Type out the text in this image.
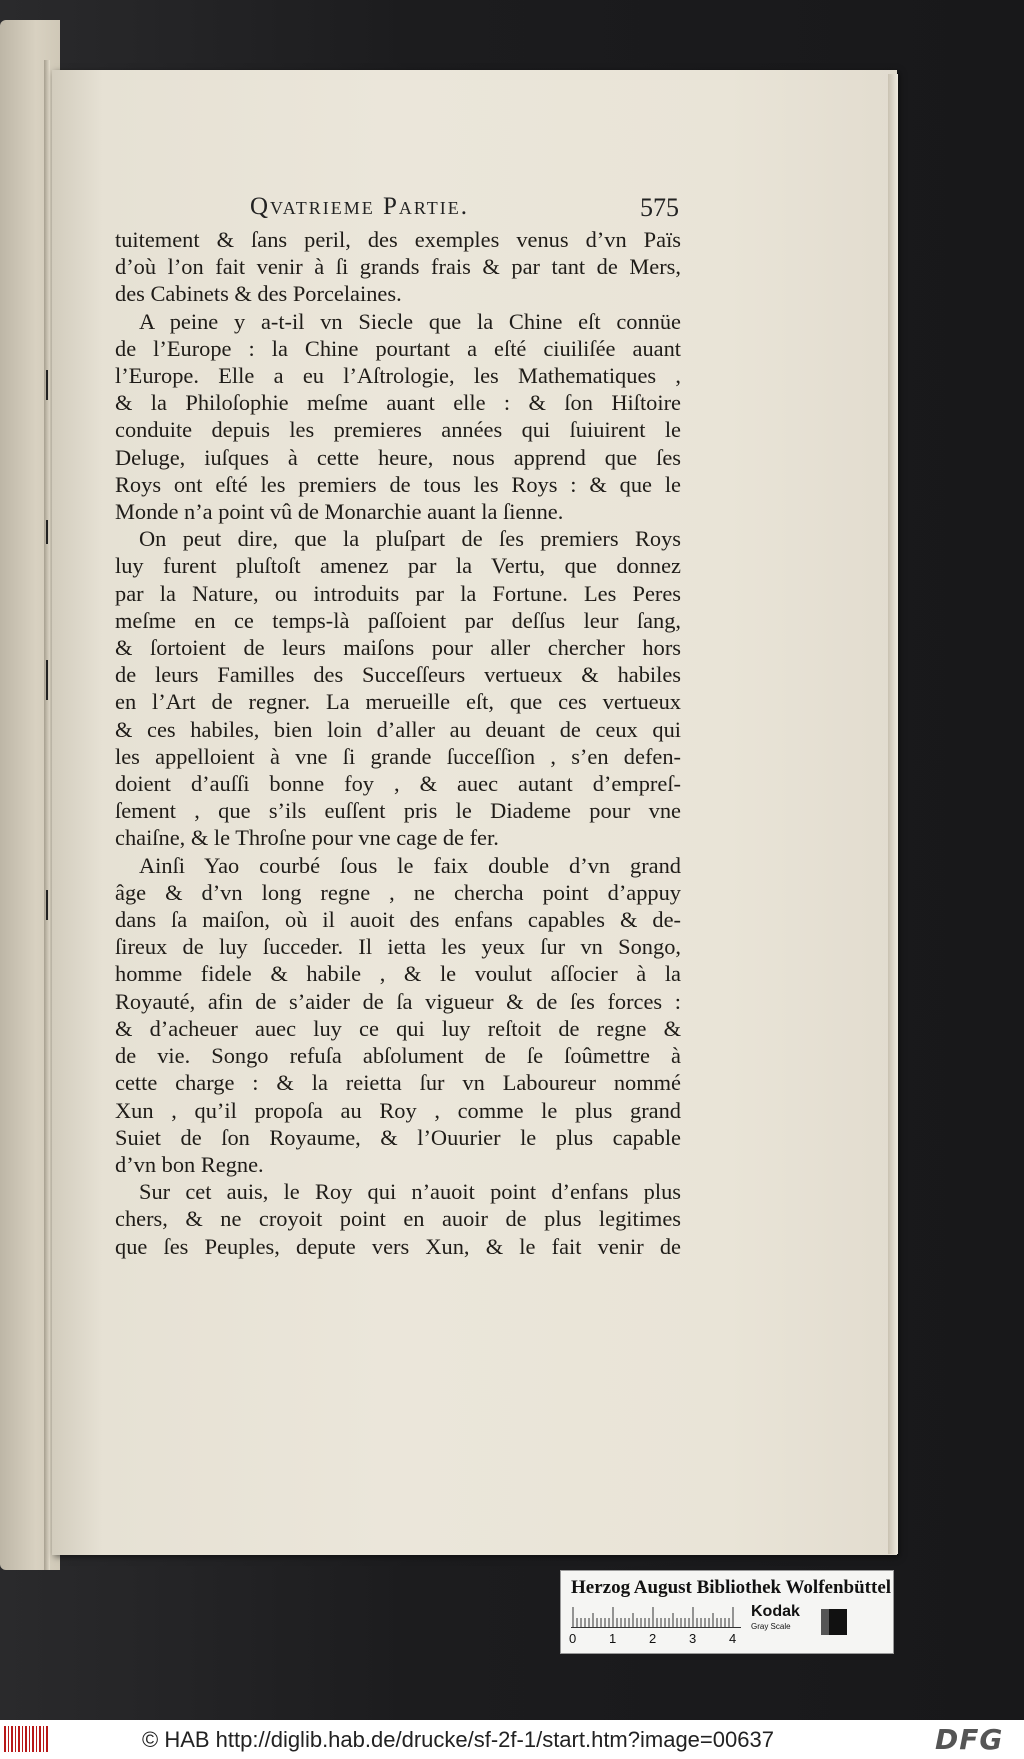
Qvatrieme Partie.	575
tuitement & ſans peril, des exemples venus d’vn Païs
d’où l’on fait venir à ſi grands frais & par tant de Mers,
des Cabinets & des Porcelaines.
A peine y a-t-il vn Siecle que la Chine eſt connüe
de l’Europe : la Chine pourtant a eſté ciuiliſée auant
l’Europe. Elle a eu l’Aſtrologie, les Mathematiques ,
& la Philoſophie meſme auant elle : & ſon Hiſtoire
conduite depuis les premieres années qui ſuiuirent le
Deluge, iuſques à cette heure, nous apprend que ſes
Roys ont eſté les premiers de tous les Roys : & que le
Monde n’a point vû de Monarchie auant la ſienne.
On peut dire, que la pluſpart de ſes premiers Roys
luy furent pluſtoſt amenez par la Vertu, que donnez
par la Nature, ou introduits par la Fortune. Les Peres
meſme en ce temps-là paſſoient par deſſus leur ſang,
& ſortoient de leurs maiſons pour aller chercher hors
de leurs Familles des Succeſſeurs vertueux & habiles
en l’Art de regner. La merueille eſt, que ces vertueux
& ces habiles, bien loin d’aller au deuant de ceux qui
les appelloient à vne ſi grande ſucceſſion , s’en defen-
doient d’auſſi bonne foy , & auec autant d’empreſ-
ſement , que s’ils euſſent pris le Diademe pour vne
chaiſne, & le Throſne pour vne cage de fer.
Ainſi Yao courbé ſous le faix double d’vn grand
âge & d’vn long regne , ne chercha point d’appuy
dans ſa maiſon, où il auoit des enfans capables & de-
ſireux de luy ſucceder. Il ietta les yeux ſur vn Songo,
homme fidele & habile , & le voulut aſſocier à la
Royauté, afin de s’aider de ſa vigueur & de ſes forces :
& d’acheuer auec luy ce qui luy reſtoit de regne &
de vie. Songo refuſa abſolument de ſe ſoûmettre à
cette charge : & la reietta ſur vn Laboureur nommé
Xun , qu’il propoſa au Roy , comme le plus grand
Suiet de ſon Royaume, & l’Ouurier le plus capable
d’vn bon Regne.
Sur cet auis, le Roy qui n’auoit point d’enfans plus
chers, & ne croyoit point en auoir de plus legitimes
que ſes Peuples, depute vers Xun, & le fait venir de
Herzog August Bibliothek Wolfenbüttel
0	1	2	3	4
Kodak
Gray Scale
© HAB http://diglib.hab.de/drucke/sf-2f-1/start.htm?image=00637	DFG
